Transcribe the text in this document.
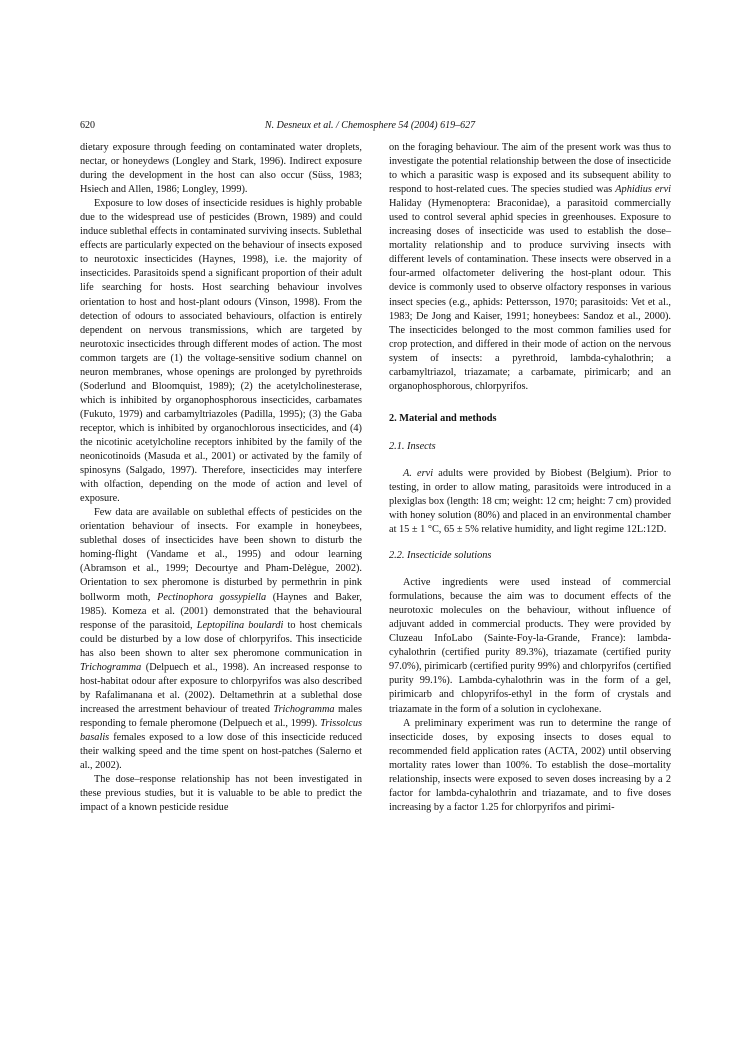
620	N. Desneux et al. / Chemosphere 54 (2004) 619–627

dietary exposure through feeding on contaminated water droplets, nectar, or honeydews (Longley and Stark, 1996). Indirect exposure during the development in the host can also occur (Süss, 1983; Hsiech and Allen, 1986; Longley, 1999).

Exposure to low doses of insecticide residues is highly probable due to the widespread use of pesticides (Brown, 1989) and could induce sublethal effects in contaminated surviving insects. Sublethal effects are particularly expected on the behaviour of insects exposed to neurotoxic insecticides (Haynes, 1998), i.e. the majority of insecticides. Parasitoids spend a significant proportion of their adult life searching for hosts. Host searching behaviour involves orientation to host and host-plant odours (Vinson, 1998). From the detection of odours to associated behaviours, olfaction is entirely dependent on nervous transmissions, which are targeted by neurotoxic insecticides through different modes of action. The most common targets are (1) the voltage-sensitive sodium channel on neuron membranes, whose openings are prolonged by pyrethroids (Soderlund and Bloomquist, 1989); (2) the acetylcholinesterase, which is inhibited by organophosphorous insecticides, carbamates (Fukuto, 1979) and carbamyltriazoles (Padilla, 1995); (3) the Gaba receptor, which is inhibited by organochlorous insecticides, and (4) the nicotinic acetylcholine receptors inhibited by the family of the neonicotinoids (Masuda et al., 2001) or activated by the family of spinosyns (Salgado, 1997). Therefore, insecticides may interfere with olfaction, depending on the mode of action and level of exposure.

Few data are available on sublethal effects of pesticides on the orientation behaviour of insects. For example in honeybees, sublethal doses of insecticides have been shown to disturb the homing-flight (Vandame et al., 1995) and odour learning (Abramson et al., 1999; Decourtye and Pham-Delègue, 2002). Orientation to sex pheromone is disturbed by permethrin in pink bollworm moth, Pectinophora gossypiella (Haynes and Baker, 1985). Komeza et al. (2001) demonstrated that the behavioural response of the parasitoid, Leptopilina boulardi to host chemicals could be disturbed by a low dose of chlorpyrifos. This insecticide has also been shown to alter sex pheromone communication in Trichogramma (Delpuech et al., 1998). An increased response to host-habitat odour after exposure to chlorpyrifos was also described by Rafalimanana et al. (2002). Deltamethrin at a sublethal dose increased the arrestment behaviour of treated Trichogramma males responding to female pheromone (Delpuech et al., 1999). Trissolcus basalis females exposed to a low dose of this insecticide reduced their walking speed and the time spent on host-patches (Salerno et al., 2002).

The dose–response relationship has not been investigated in these previous studies, but it is valuable to be able to predict the impact of a known pesticide residue

on the foraging behaviour. The aim of the present work was thus to investigate the potential relationship between the dose of insecticide to which a parasitic wasp is exposed and its subsequent ability to respond to host-related cues. The species studied was Aphidius ervi Haliday (Hymenoptera: Braconidae), a parasitoid commercially used to control several aphid species in greenhouses. Exposure to increasing doses of insecticide was used to establish the dose–mortality relationship and to produce surviving insects with different levels of contamination. These insects were observed in a four-armed olfactometer delivering the host-plant odour. This device is commonly used to observe olfactory responses in various insect species (e.g., aphids: Pettersson, 1970; parasitoids: Vet et al., 1983; De Jong and Kaiser, 1991; honeybees: Sandoz et al., 2000). The insecticides belonged to the most common families used for crop protection, and differed in their mode of action on the nervous system of insects: a pyrethroid, lambda-cyhalothrin; a carbamyltriazol, triazamate; a carbamate, pirimicarb; and an organophosphorous, chlorpyrifos.

2. Material and methods
2.1. Insects

A. ervi adults were provided by Biobest (Belgium). Prior to testing, in order to allow mating, parasitoids were introduced in a plexiglas box (length: 18 cm; weight: 12 cm; height: 7 cm) provided with honey solution (80%) and placed in an environmental chamber at 15 ± 1 °C, 65 ± 5% relative humidity, and light regime 12L:12D.

2.2. Insecticide solutions

Active ingredients were used instead of commercial formulations, because the aim was to document effects of the neurotoxic molecules on the behaviour, without influence of adjuvant added in commercial products. They were provided by Cluzeau InfoLabo (Sainte-Foy-la-Grande, France): lambda-cyhalothrin (certified purity 89.3%), triazamate (certified purity 97.0%), pirimicarb (certified purity 99%) and chlorpyrifos (certified purity 99.1%). Lambda-cyhalothrin was in the form of a gel, pirimicarb and chlopyrifos-ethyl in the form of crystals and triazamate in the form of a solution in cyclohexane.

A preliminary experiment was run to determine the range of insecticide doses, by exposing insects to doses equal to recommended field application rates (ACTA, 2002) until observing mortality rates lower than 100%. To establish the dose–mortality relationship, insects were exposed to seven doses increasing by a 2 factor for lambda-cyhalothrin and triazamate, and to five doses increasing by a factor 1.25 for chlorpyrifos and pirimi-
